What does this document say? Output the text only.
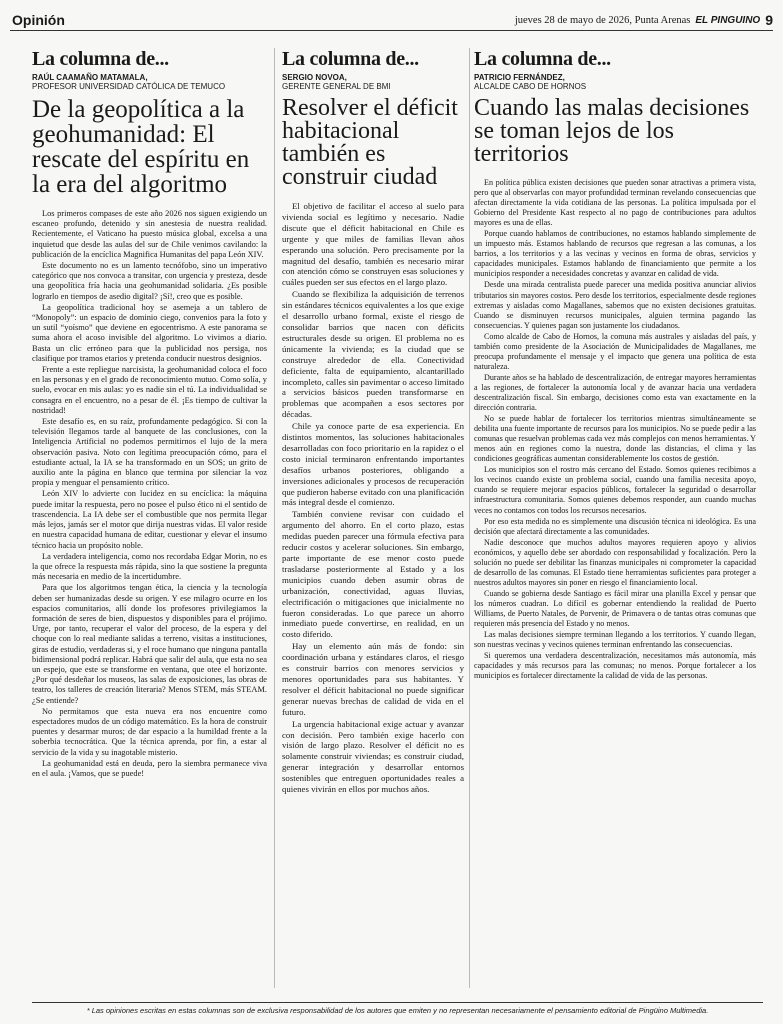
Opinión	jueves 28 de mayo de 2026, Punta Arenas EL PINGUINO 9
La columna de...
RAÚL CAAMAÑO MATAMALA,
PROFESOR UNIVERSIDAD CATÓLICA DE TEMUCO
De la geopolítica a la geohumanidad: El rescate del espíritu en la era del algoritmo

Los primeros compases de este año 2026 nos siguen exigiendo un escaneo profundo, detenido y sin anestesia de nuestra realidad. Recientemente, el Vaticano ha puesto música global, excelsa a una inquietud que desde las aulas del sur de Chile venimos cavilando: la publicación de la encíclica Magnifica Humanitas del papa León XIV.

Este documento no es un lamento tecnófobo, sino un imperativo categórico que nos convoca a transitar, con urgencia y presteza, desde una geopolítica fría hacia una geohumanidad solidaria. ¿Es posible lograrlo en tiempos de asedio digital? ¡Sí!, creo que es posible.

La geopolítica tradicional hoy se asemeja a un tablero de “Monopoly”: un espacio de dominio ciego, convenios para la foto y un sutil “yoísmo” que deviene en egocentrismo. A este panorama se suma ahora el acoso invisible del algoritmo. Lo vivimos a diario. Basta un clic erróneo para que la publicidad nos persiga, nos clasifique por tramos etarios y pretenda conducir nuestros designios.

Frente a este repliegue narcisista, la geohumanidad coloca el foco en las personas y en el grado de reconocimiento mutuo. Como solía, y suelo, evocar en mis aulas: yo es nadie sin el tú. La individualidad se consagra en el encuentro, no a pesar de él. ¡Es tiempo de cultivar la nostridad!

Este desafío es, en su raíz, profundamente pedagógico. Si con la televisión llegamos tarde al banquete de las conclusiones, con la Inteligencia Artificial no podemos permitirnos el lujo de la mera observación pasiva. Noto con legítima preocupación cómo, para el estudiante actual, la IA se ha transformado en un SOS; un grito de auxilio ante la página en blanco que termina por silenciar la voz propia y menguar el pensamiento crítico.

León XIV lo advierte con lucidez en su encíclica: la máquina puede imitar la respuesta, pero no posee el pulso ético ni el sentido de trascendencia. La IA debe ser el combustible que nos permita llegar más lejos, jamás ser el motor que dirija nuestras vidas. El valor reside en nuestra capacidad humana de editar, cuestionar y elevar el insumo técnico hacia un propósito noble.

La verdadera inteligencia, como nos recordaba Edgar Morin, no es la que ofrece la respuesta más rápida, sino la que sostiene la pregunta más necesaria en medio de la incertidumbre.

Para que los algoritmos tengan ética, la ciencia y la tecnología deben ser humanizadas desde su origen. Y ese milagro ocurre en los espacios comunitarios, allí donde los profesores privilegiamos la formación de seres de bien, dispuestos y disponibles para el prójimo. Urge, por tanto, recuperar el valor del proceso, de la espera y del choque con lo real mediante salidas a terreno, visitas a instituciones, giras de estudio, verdaderas si, y el roce humano que ninguna pantalla bidimensional podrá replicar. Habrá que salir del aula, que esta no sea un espejo, que este se transforme en ventana, que otee el horizonte. ¿Por qué desdeñar los museos, las salas de exposiciones, las obras de teatro, los talleres de creación literaria? Menos STEM, más STEAM. ¿Se entiende?

No permitamos que esta nueva era nos encuentre como espectadores mudos de un código matemático. Es la hora de construir puentes y desarmar muros; de dar espacio a la humildad frente a la soberbia tecnocrática. Que la técnica aprenda, por fin, a estar al servicio de la vida y su inagotable misterio.

La geohumanidad está en deuda, pero la siembra permanece viva en el aula. ¡Vamos, que se puede!

La columna de...
SERGIO NOVOA,
GERENTE GENERAL DE BMI
Resolver el déficit habitacional también es construir ciudad

El objetivo de facilitar el acceso al suelo para vivienda social es legítimo y necesario. Nadie discute que el déficit habitacional en Chile es urgente y que miles de familias llevan años esperando una solución. Pero precisamente por la magnitud del desafío, también es necesario mirar con atención cómo se construyen esas soluciones y cuáles pueden ser sus efectos en el largo plazo.

Cuando se flexibiliza la adquisición de terrenos sin estándares técnicos equivalentes a los que exige el desarrollo urbano formal, existe el riesgo de consolidar barrios que nacen con déficits estructurales desde su origen. El problema no es únicamente la vivienda; es la ciudad que se construye alrededor de ella. Conectividad deficiente, falta de equipamiento, alcantarillado incompleto, calles sin pavimentar o acceso limitado a servicios básicos pueden transformarse en problemas que acompañen a esos sectores por décadas.

Chile ya conoce parte de esa experiencia. En distintos momentos, las soluciones habitacionales desarrolladas con foco prioritario en la rapidez o el costo inicial terminaron enfrentando importantes desafíos urbanos posteriores, obligando a inversiones adicionales y procesos de recuperación que pudieron haberse evitado con una planificación más integral desde el comienzo.

También conviene revisar con cuidado el argumento del ahorro. En el corto plazo, estas medidas pueden parecer una fórmula efectiva para reducir costos y acelerar soluciones. Sin embargo, parte importante de ese menor costo puede trasladarse posteriormente al Estado y a los municipios cuando deben asumir obras de urbanización, conectividad, aguas lluvias, electrificación o mitigaciones que inicialmente no fueron consideradas. Lo que parece un ahorro inmediato puede convertirse, en realidad, en un costo diferido.

Hay un elemento aún más de fondo: sin coordinación urbana y estándares claros, el riesgo es construir barrios con menores servicios y menores oportunidades para sus habitantes. Y resolver el déficit habitacional no puede significar generar nuevas brechas de calidad de vida en el futuro.

La urgencia habitacional exige actuar y avanzar con decisión. Pero también exige hacerlo con visión de largo plazo. Resolver el déficit no es solamente construir viviendas; es construir ciudad, generar integración y desarrollar entornos sostenibles que entreguen oportunidades reales a quienes vivirán en ellos por muchos años.

La columna de...
PATRICIO FERNÁNDEZ,
ALCALDE CABO DE HORNOS
Cuando las malas decisiones se toman lejos de los territorios

En política pública existen decisiones que pueden sonar atractivas a primera vista, pero que al observarlas con mayor profundidad terminan revelando consecuencias que afectan directamente la vida cotidiana de las personas. La política impulsada por el Gobierno del Presidente Kast respecto al no pago de contribuciones para adultos mayores es una de ellas.

Porque cuando hablamos de contribuciones, no estamos hablando simplemente de un impuesto más. Estamos hablando de recursos que regresan a las comunas, a los barrios, a los territorios y a las vecinas y vecinos en forma de obras, servicios y capacidades municipales. Estamos hablando de financiamiento que permite a los municipios responder a necesidades concretas y avanzar en calidad de vida.

Desde una mirada centralista puede parecer una medida positiva anunciar alivios tributarios sin mayores costos. Pero desde los territorios, especialmente desde regiones extremas y aisladas como Magallanes, sabemos que no existen decisiones gratuitas. Cuando se disminuyen recursos municipales, alguien termina pagando las consecuencias. Y quienes pagan son justamente los ciudadanos.

Como alcalde de Cabo de Hornos, la comuna más australes y aisladas del país, y también como presidente de la Asociación de Municipalidades de Magallanes, me preocupa profundamente el mensaje y el impacto que genera una política de esta naturaleza.

Durante años se ha hablado de descentralización, de entregar mayores herramientas a las regiones, de fortalecer la autonomía local y de avanzar hacia una verdadera descentralización fiscal. Sin embargo, decisiones como esta van exactamente en la dirección contraria.

No se puede hablar de fortalecer los territorios mientras simultáneamente se debilita una fuente importante de recursos para los municipios. No se puede pedir a las comunas que resuelvan problemas cada vez más complejos con menos herramientas. Y menos aún en regiones como la nuestra, donde las distancias, el clima y las condiciones geográficas aumentan considerablemente los costos de gestión.

Los municipios son el rostro más cercano del Estado. Somos quienes recibimos a los vecinos cuando existe un problema social, cuando una familia necesita apoyo, cuando se requiere mejorar espacios públicos, fortalecer la seguridad o desarrollar infraestructura comunitaria. Somos quienes debemos responder, aun cuando muchas veces no contamos con todos los recursos necesarios.

Por eso esta medida no es simplemente una discusión técnica ni ideológica. Es una decisión que afectará directamente a las comunidades.

Nadie desconoce que muchos adultos mayores requieren apoyo y alivios económicos, y aquello debe ser abordado con responsabilidad y focalización. Pero la solución no puede ser debilitar las finanzas municipales ni comprometer la capacidad de desarrollo de las comunas. El Estado tiene herramientas suficientes para proteger a nuestros adultos mayores sin poner en riesgo el financiamiento local.

Cuando se gobierna desde Santiago es fácil mirar una planilla Excel y pensar que los números cuadran. Lo difícil es gobernar entendiendo la realidad de Puerto Williams, de Puerto Natales, de Porvenir, de Primavera o de tantas otras comunas que requieren más presencia del Estado y no menos.

Las malas decisiones siempre terminan llegando a los territorios. Y cuando llegan, son nuestras vecinas y vecinos quienes terminan enfrentando las consecuencias.

Si queremos una verdadera descentralización, necesitamos más autonomía, más capacidades y más recursos para las comunas; no menos. Porque fortalecer a los municipios es fortalecer directamente la calidad de vida de las personas.

* Las opiniones escritas en estas columnas son de exclusiva responsabilidad de los autores que emiten y no representan necesariamente el pensamiento editorial de Pingüino Multimedia.
